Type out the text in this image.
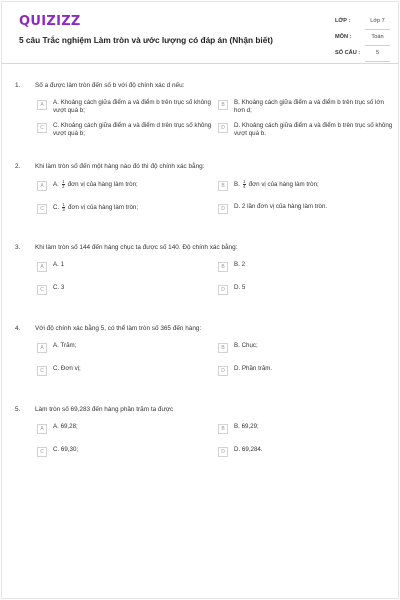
QUIZIZZ
5 câu Trắc nghiệm Làm tròn và ước lượng có đáp án (Nhận biết)
LỚP :	Lớp 7
MÔN :	Toán
SỐ CÂU :	5
1. Số a được làm tròn đến số b với độ chính xác d nếu:
A	A. Khoảng cách giữa điểm a và điểm b trên trục số không vượt quá b;
B	B. Khoảng cách giữa điểm a và điểm b trên trục số lớn hơn d;
C	C. Khoảng cách giữa điểm a và điểm d trên trục số không vượt quá b;
D	D. Khoảng cách giữa điểm a và điểm b trên trục số không vượt quá b.
2. Khi làm tròn số đến một hàng nào đó thì độ chính xác bằng:
A	A. $\frac{1}{2}$ đơn vị của hàng làm tròn;	B	B. $\frac{1}{4}$ đơn vị của hàng làm tròn;
C	C. $\frac{1}{3}$ đơn vị của hàng làm tròn;	D	D. 2 lần đơn vị của hàng làm tròn.
3. Khi làm tròn số 144 đến hàng chục ta được số 140. Độ chính xác bằng:
A	A. 1	B	B. 2
C	C. 3	D	D. 5
4. Với độ chính xác bằng 5, có thể làm tròn số 365 đến hàng:
A	A. Trăm;	B	B. Chục;
C	C. Đơn vị;	D	D. Phần trăm.
5. Làm tròn số 69,283 đến hàng phần trăm ta được
A	A. 69,28;	B	B. 69,29;
C	C. 69,30;	D	D. 69,284.
